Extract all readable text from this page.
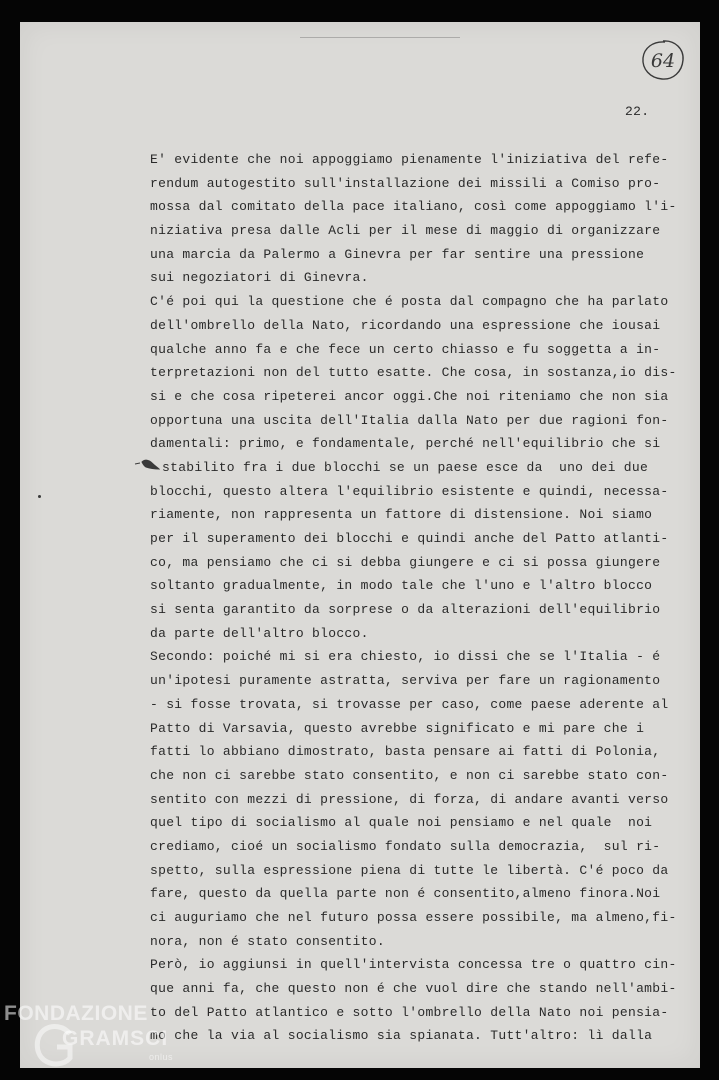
64
22.
E' evidente che noi appoggiamo pienamente l'iniziativa del refe-
rendum autogestito sull'installazione dei missili a Comiso pro-
mossa dal comitato della pace italiano, così come appoggiamo l'i-
niziativa presa dalle Acli per il mese di maggio di organizzare
una marcia da Palermo a Ginevra per far sentire una pressione
sui negoziatori di Ginevra.
C'é poi qui la questione che é posta dal compagno che ha parlato
dell'ombrello della Nato, ricordando una espressione che iousai
qualche anno fa e che fece un certo chiasso e fu soggetta a in-
terpretazioni non del tutto esatte. Che cosa, in sostanza,io dis-
si e che cosa ripeterei ancor oggi.Che noi riteniamo che non sia
opportuna una uscita dell'Italia dalla Nato per due ragioni fon-
damentali: primo, e fondamentale, perché nell'equilibrio che si
stabilito fra i due blocchi se un paese esce da  uno dei due
blocchi, questo altera l'equilibrio esistente e quindi, necessa-
riamente, non rappresenta un fattore di distensione. Noi siamo
per il superamento dei blocchi e quindi anche del Patto atlanti-
co, ma pensiamo che ci si debba giungere e ci si possa giungere
soltanto gradualmente, in modo tale che l'uno e l'altro blocco
si senta garantito da sorprese o da alterazioni dell'equilibrio
da parte dell'altro blocco.
Secondo: poiché mi si era chiesto, io dissi che se l'Italia - é
un'ipotesi puramente astratta, serviva per fare un ragionamento
- si fosse trovata, si trovasse per caso, come paese aderente al
Patto di Varsavia, questo avrebbe significato e mi pare che i
fatti lo abbiano dimostrato, basta pensare ai fatti di Polonia,
che non ci sarebbe stato consentito, e non ci sarebbe stato con-
sentito con mezzi di pressione, di forza, di andare avanti verso
quel tipo di socialismo al quale noi pensiamo e nel quale  noi
crediamo, cioé un socialismo fondato sulla democrazia,  sul ri-
spetto, sulla espressione piena di tutte le libertà. C'é poco da
fare, questo da quella parte non é consentito,almeno finora.Noi
ci auguriamo che nel futuro possa essere possibile, ma almeno,fi-
nora, non é stato consentito.
Però, io aggiunsi in quell'intervista concessa tre o quattro cin-
que anni fa, che questo non é che vuol dire che stando nell'ambi-
to del Patto atlantico e sotto l'ombrello della Nato noi pensia-
mo che la via al socialismo sia spianata. Tutt'altro: lì dalla
FONDAZIONE
GRAMSCI
onlus
